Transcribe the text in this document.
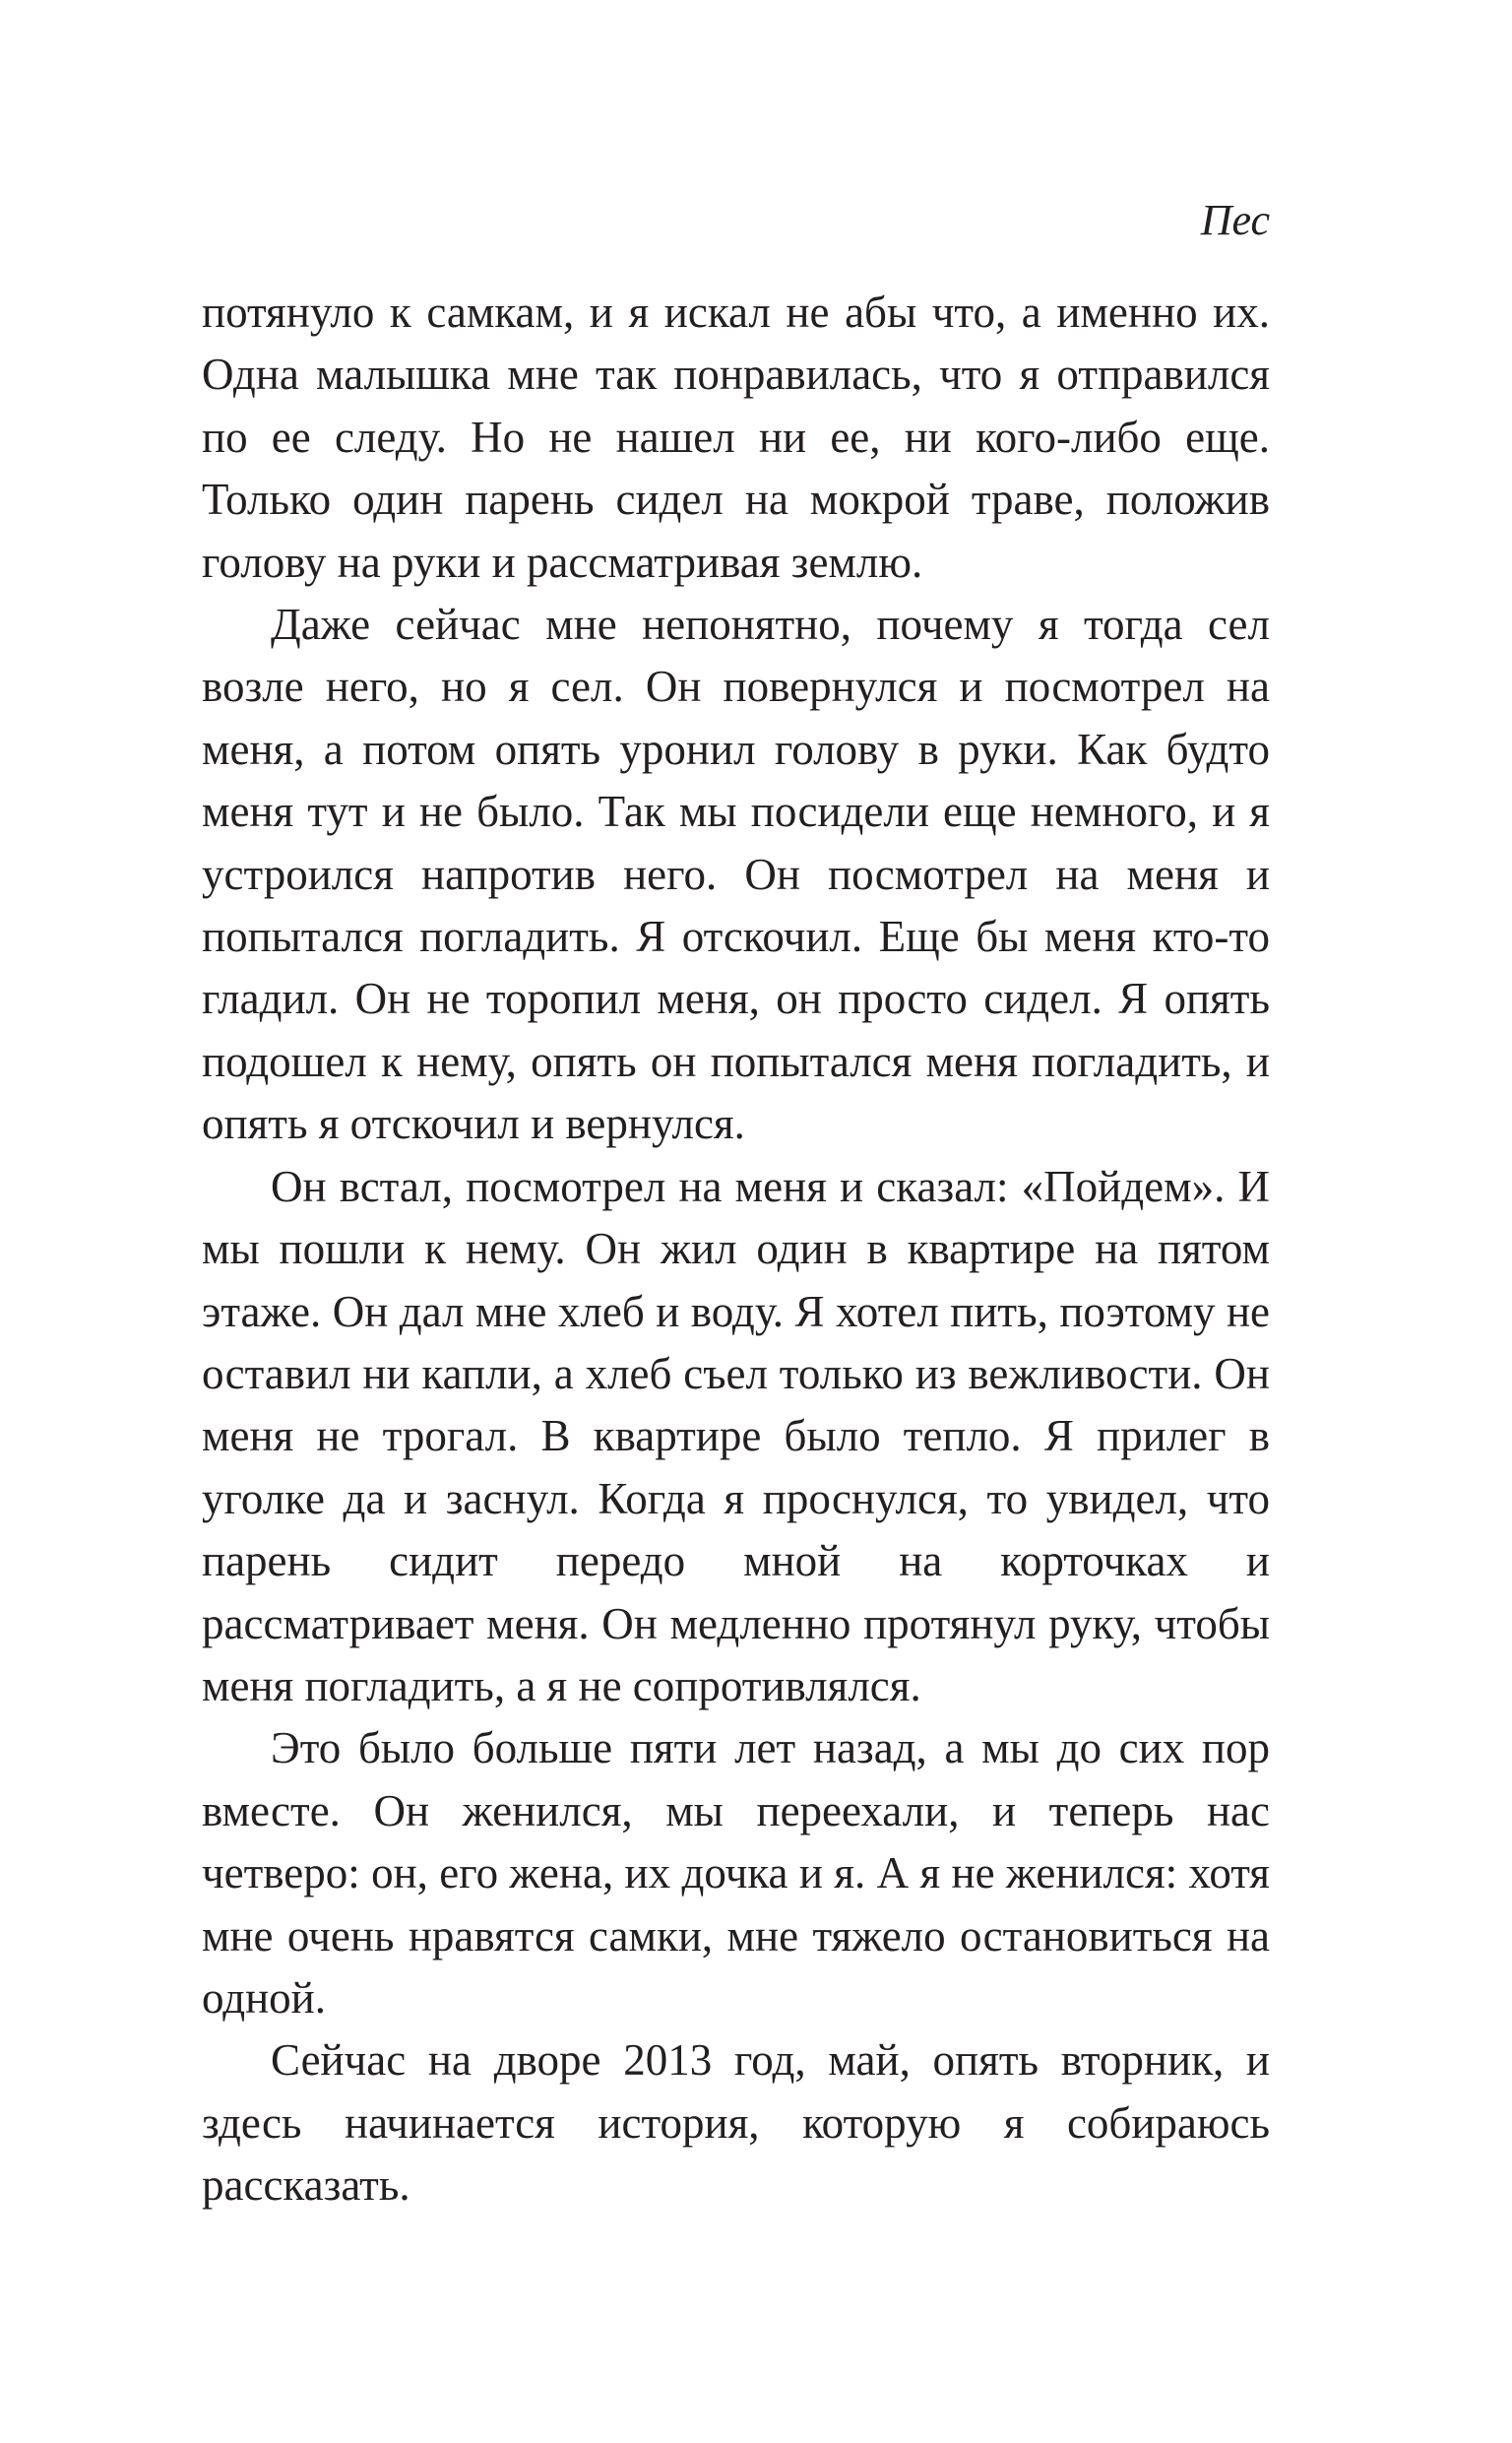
Пес

потянуло к самкам, и я искал не абы что, а именно их. Одна малышка мне так понравилась, что я отправился по ее следу. Но не нашел ни ее, ни кого-либо еще. Только один парень сидел на мокрой траве, положив голову на руки и рассматривая землю.

Даже сейчас мне непонятно, почему я тогда сел возле него, но я сел. Он повернулся и посмотрел на меня, а потом опять уронил голову в руки. Как будто меня тут и не было. Так мы посидели еще немного, и я устроился напротив него. Он посмотрел на меня и попытался погладить. Я отскочил. Еще бы меня кто-то гладил. Он не торопил меня, он просто сидел. Я опять подошел к нему, опять он попытался меня погладить, и опять я отскочил и вернулся.

Он встал, посмотрел на меня и сказал: «Пойдем». И мы пошли к нему. Он жил один в квартире на пятом этаже. Он дал мне хлеб и воду. Я хотел пить, поэтому не оставил ни капли, а хлеб съел только из вежливости. Он меня не трогал. В квартире было тепло. Я прилег в уголке да и заснул. Когда я проснулся, то увидел, что парень сидит передо мной на корточках и рассматривает меня. Он медленно протянул руку, чтобы меня погладить, а я не сопротивлялся.

Это было больше пяти лет назад, а мы до сих пор вместе. Он женился, мы переехали, и теперь нас четверо: он, его жена, их дочка и я. А я не женился: хотя мне очень нравятся самки, мне тяжело остановиться на одной.

Сейчас на дворе 2013 год, май, опять вторник, и здесь начинается история, которую я собираюсь рассказать.
